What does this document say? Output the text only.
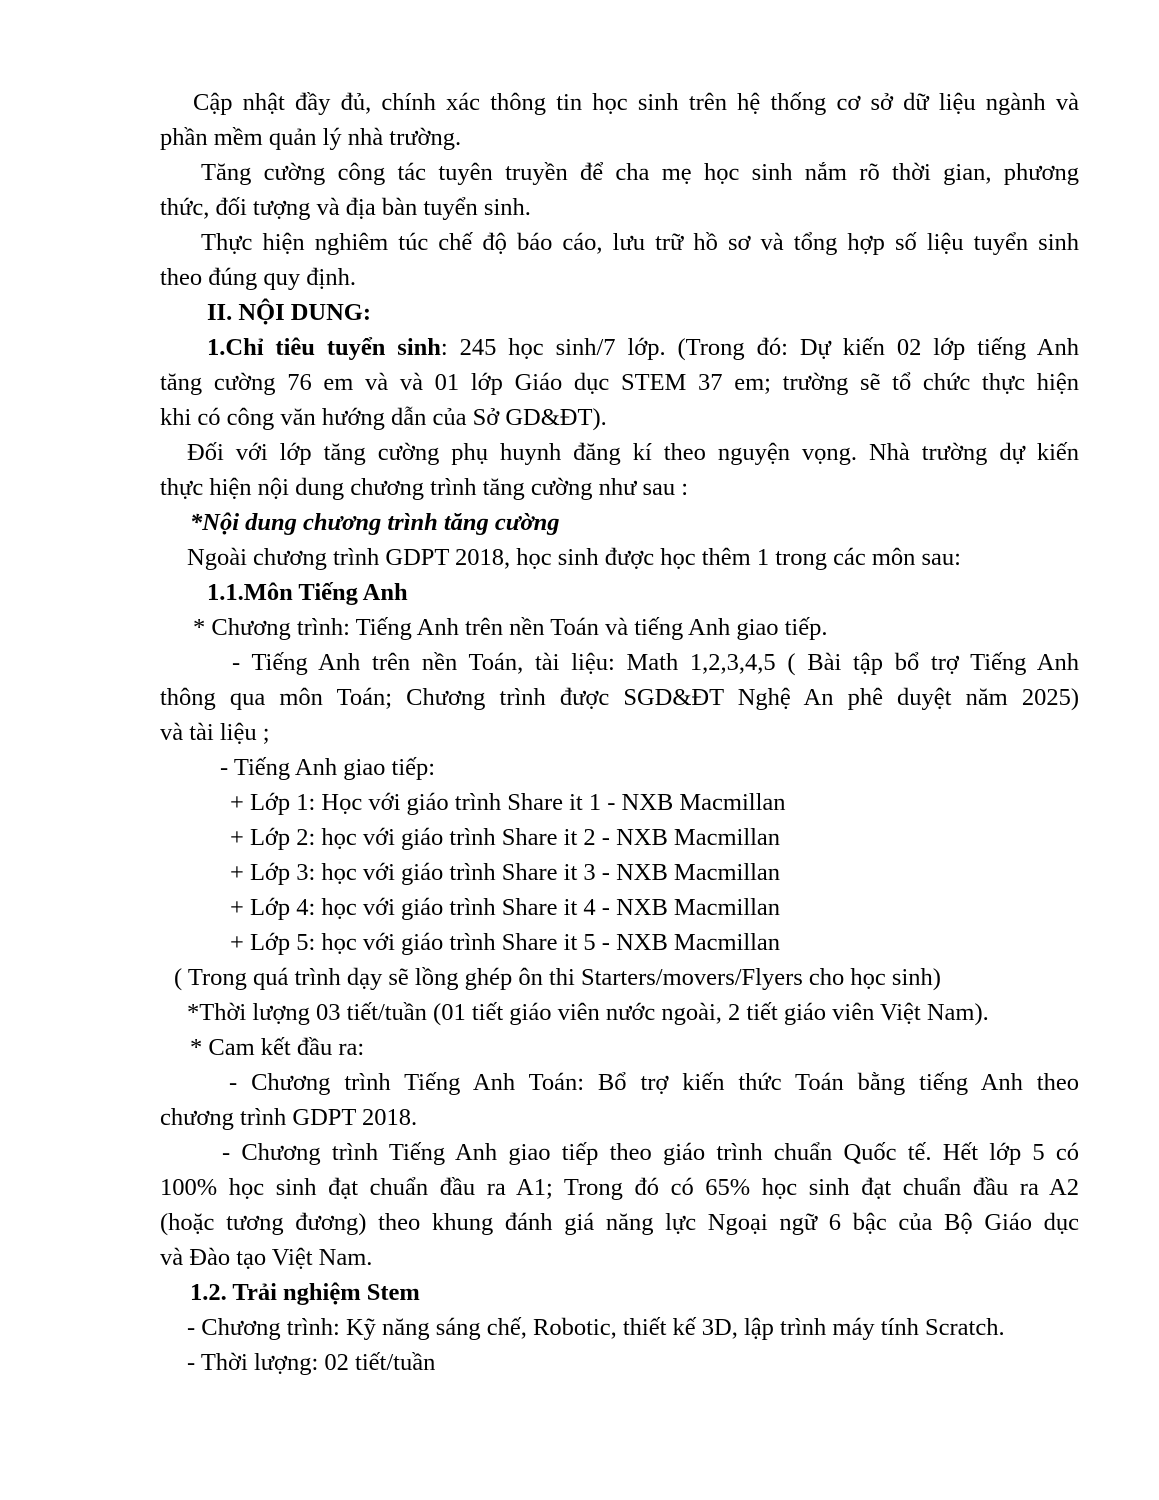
Cập nhật đầy đủ, chính xác thông tin học sinh trên hệ thống cơ sở dữ liệu ngành và
phần mềm quản lý nhà trường.
Tăng cường công tác tuyên truyền để cha mẹ học sinh nắm rõ thời gian, phương
thức, đối tượng và địa bàn tuyển sinh.
Thực hiện nghiêm túc chế độ báo cáo, lưu trữ hồ sơ và tổng hợp số liệu tuyển sinh
theo đúng quy định.
II. NỘI DUNG:
1.Chỉ tiêu tuyển sinh: 245 học sinh/7 lớp. (Trong đó: Dự kiến 02 lớp tiếng Anh
tăng cường 76 em và và 01 lớp Giáo dục STEM 37 em; trường sẽ tổ chức thực hiện
khi có công văn hướng dẫn của Sở GD&ĐT).
Đối với lớp tăng cường phụ huynh đăng kí theo nguyện vọng. Nhà trường dự kiến
thực hiện nội dung chương trình tăng cường như sau :
*Nội dung chương trình tăng cường
Ngoài chương trình GDPT 2018, học sinh được học thêm 1 trong các môn sau:
1.1.Môn Tiếng Anh
* Chương trình: Tiếng Anh trên nền Toán và tiếng Anh giao tiếp.
- Tiếng Anh trên nền Toán, tài liệu: Math 1,2,3,4,5 ( Bài tập bổ trợ Tiếng Anh
thông qua môn Toán; Chương trình được SGD&ĐT Nghệ An phê duyệt năm 2025)
và tài liệu ;
- Tiếng Anh giao tiếp:
+ Lớp 1: Học với giáo trình Share it 1 - NXB Macmillan
+ Lớp 2: học với giáo trình Share it 2 - NXB Macmillan
+ Lớp 3: học với giáo trình Share it 3 - NXB Macmillan
+ Lớp 4: học với giáo trình Share it 4 - NXB Macmillan
+ Lớp 5: học với giáo trình Share it 5 - NXB Macmillan
( Trong quá trình dạy sẽ lồng ghép ôn thi Starters/movers/Flyers cho học sinh)
*Thời lượng 03 tiết/tuần (01 tiết giáo viên nước ngoài, 2 tiết giáo viên Việt Nam).
* Cam kết đầu ra:
- Chương trình Tiếng Anh Toán: Bổ trợ kiến thức Toán bằng tiếng Anh theo
chương trình GDPT 2018.
- Chương trình Tiếng Anh giao tiếp theo giáo trình chuẩn Quốc tế. Hết lớp 5 có
100% học sinh đạt chuẩn đầu ra A1; Trong đó có 65% học sinh đạt chuẩn đầu ra A2
(hoặc tương đương) theo khung đánh giá năng lực Ngoại ngữ 6 bậc của Bộ Giáo dục
và Đào tạo Việt Nam.
1.2. Trải nghiệm Stem
- Chương trình: Kỹ năng sáng chế, Robotic, thiết kế 3D, lập trình máy tính Scratch.
- Thời lượng: 02 tiết/tuần
